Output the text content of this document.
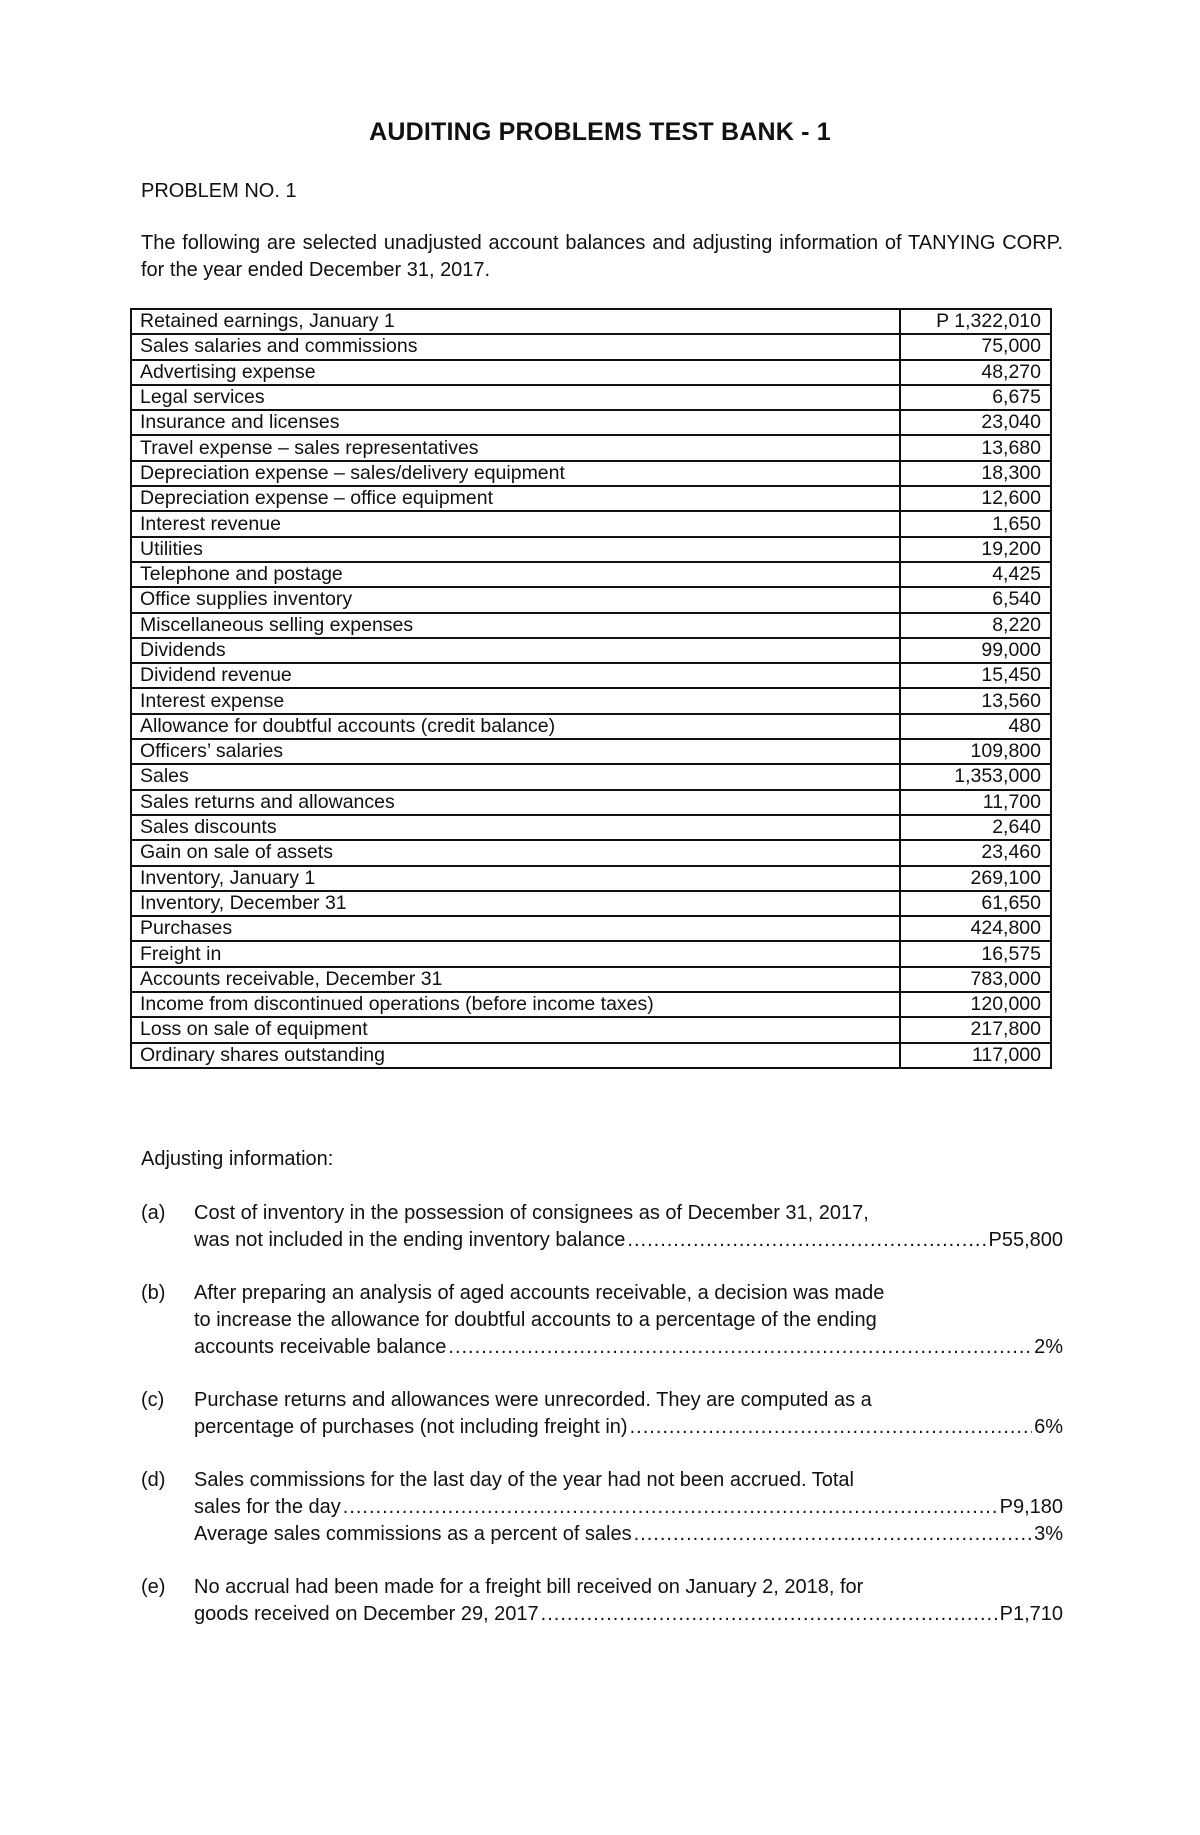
AUDITING PROBLEMS TEST BANK - 1
PROBLEM NO. 1
The following are selected unadjusted account balances and adjusting information of TANYING CORP. for the year ended December 31, 2017.
Retained earnings, January 1	P 1,322,010
Sales salaries and commissions	75,000
Advertising expense	48,270
Legal services	6,675
Insurance and licenses	23,040
Travel expense – sales representatives	13,680
Depreciation expense – sales/delivery equipment	18,300
Depreciation expense – office equipment	12,600
Interest revenue	1,650
Utilities	19,200
Telephone and postage	4,425
Office supplies inventory	6,540
Miscellaneous selling expenses	8,220
Dividends	99,000
Dividend revenue	15,450
Interest expense	13,560
Allowance for doubtful accounts (credit balance)	480
Officers’ salaries	109,800
Sales	1,353,000
Sales returns and allowances	11,700
Sales discounts	2,640
Gain on sale of assets	23,460
Inventory, January 1	269,100
Inventory, December 31	61,650
Purchases	424,800
Freight in	16,575
Accounts receivable, December 31	783,000
Income from discontinued operations (before income taxes)	120,000
Loss on sale of equipment	217,800
Ordinary shares outstanding	117,000
Adjusting information:
(a) Cost of inventory in the possession of consignees as of December 31, 2017,
was not included in the ending inventory balance .....	P55,800
(b) After preparing an analysis of aged accounts receivable, a decision was made
to increase the allowance for doubtful accounts to a percentage of the ending
accounts receivable balance .....	2%
(c) Purchase returns and allowances were unrecorded. They are computed as a
percentage of purchases (not including freight in) .....	6%
(d) Sales commissions for the last day of the year had not been accrued. Total
sales for the day .....	P9,180
Average sales commissions as a percent of sales .....	3%
(e) No accrual had been made for a freight bill received on January 2, 2018, for
goods received on December 29, 2017 .....	P1,710
